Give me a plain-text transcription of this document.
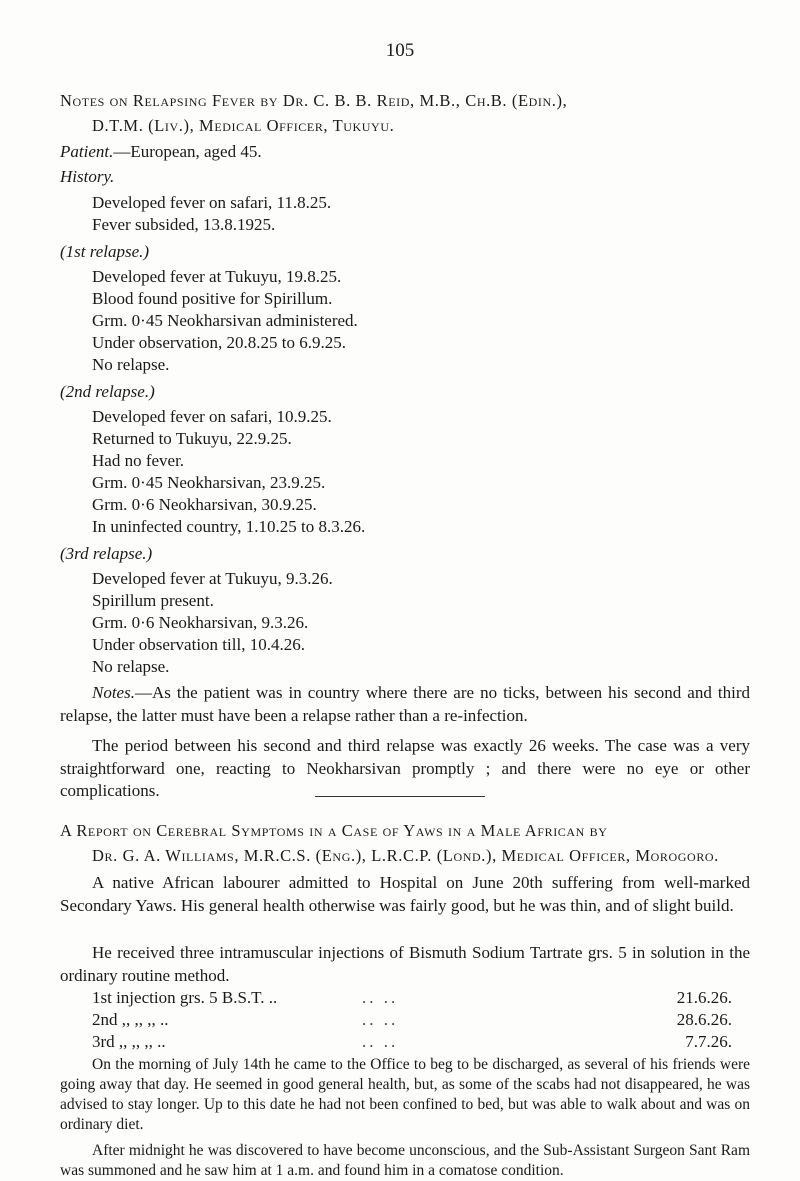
105
Notes on Relapsing Fever by Dr. C. B. B. Reid, M.B., Ch.B. (Edin.),
D.T.M. (Liv.), Medical Officer, Tukuyu.
Patient.—European, aged 45.
History.
Developed fever on safari, 11.8.25.
Fever subsided, 13.8.1925.
(1st relapse.)
Developed fever at Tukuyu, 19.8.25.
Blood found positive for Spirillum.
Grm. 0·45 Neokharsivan administered.
Under observation, 20.8.25 to 6.9.25.
No relapse.
(2nd relapse.)
Developed fever on safari, 10.9.25.
Returned to Tukuyu, 22.9.25.
Had no fever.
Grm. 0·45 Neokharsivan, 23.9.25.
Grm. 0·6 Neokharsivan, 30.9.25.
In uninfected country, 1.10.25 to 8.3.26.
(3rd relapse.)
Developed fever at Tukuyu, 9.3.26.
Spirillum present.
Grm. 0·6 Neokharsivan, 9.3.26.
Under observation till, 10.4.26.
No relapse.
Notes.—As the patient was in country where there are no ticks, between his second and third relapse, the latter must have been a relapse rather than a re-infection.
The period between his second and third relapse was exactly 26 weeks. The case was a very straightforward one, reacting to Neokharsivan promptly ; and there were no eye or other complications.
A Report on Cerebral Symptoms in a Case of Yaws in a Male African by
Dr. G. A. Williams, M.R.C.S. (Eng.), L.R.C.P. (Lond.), Medical Officer, Morogoro.
A native African labourer admitted to Hospital on June 20th suffering from well-marked Secondary Yaws. His general health otherwise was fairly good, but he was thin, and of slight build.
He received three intramuscular injections of Bismuth Sodium Tartrate grs. 5 in solution in the ordinary routine method.
1st injection grs. 5 B.S.T. ..	.. ..	21.6.26.
2nd ,, ,, ,, ..	.. ..	28.6.26.
3rd ,, ,, ,, ..	.. ..	7.7.26.
On the morning of July 14th he came to the Office to beg to be discharged, as several of his friends were going away that day. He seemed in good general health, but, as some of the scabs had not disappeared, he was advised to stay longer. Up to this date he had not been confined to bed, but was able to walk about and was on ordinary diet.
After midnight he was discovered to have become unconscious, and the Sub-Assistant Surgeon Sant Ram was summoned and he saw him at 1 a.m. and found him in a comatose condition.
